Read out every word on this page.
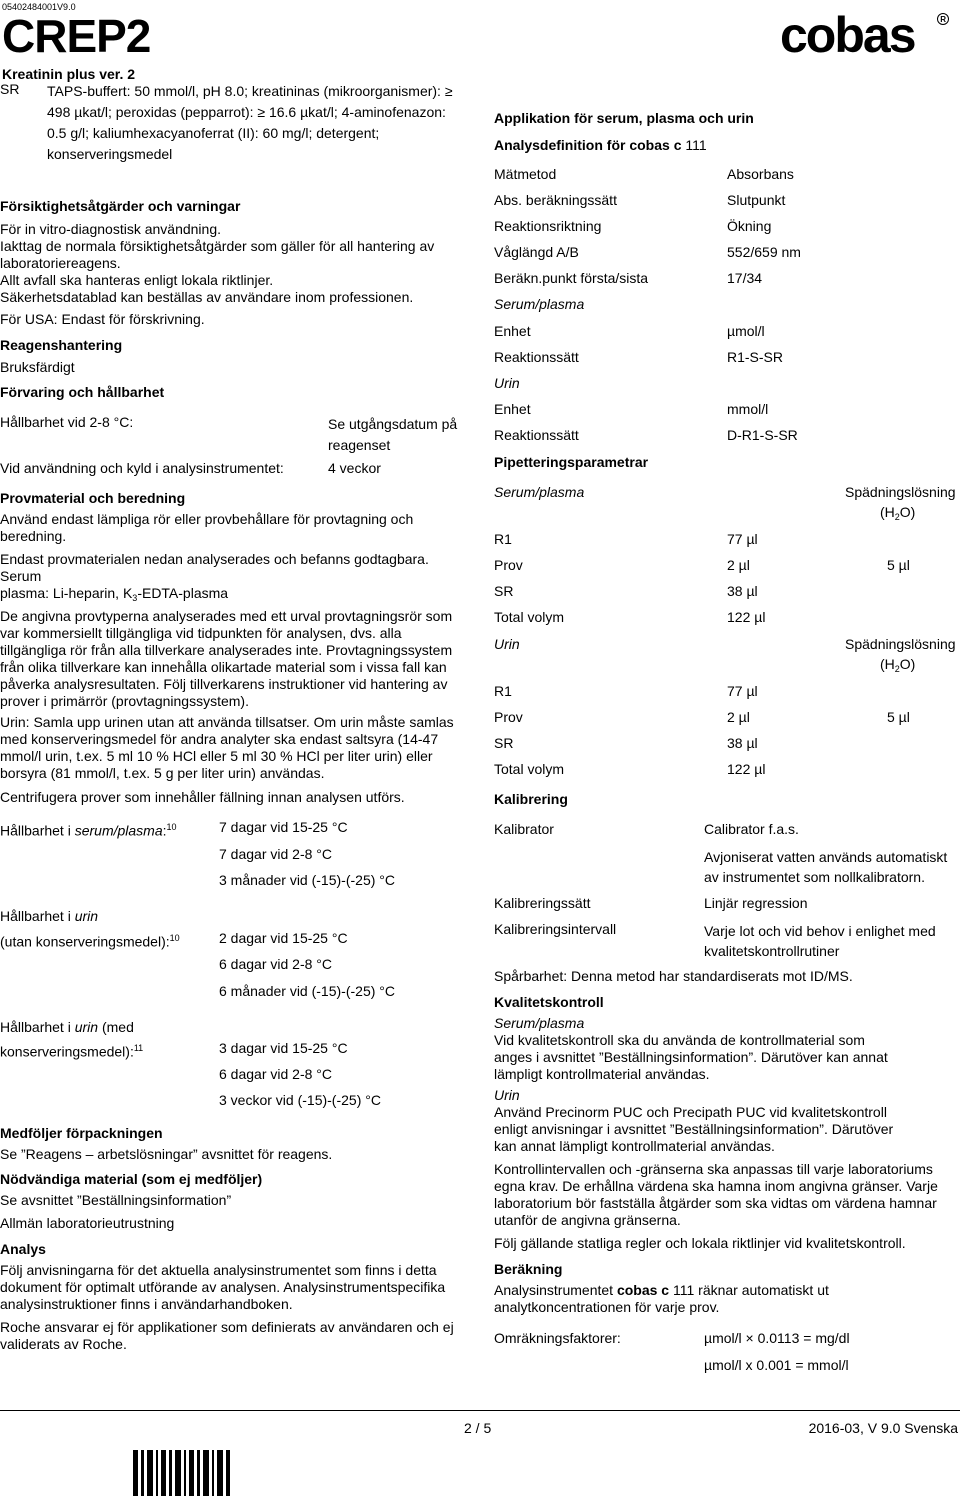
05402484001V9.0
CREP2
Kreatinin plus ver. 2
cobas	R
SR TAPS-buffert: 50 mmol/l, pH 8.0; kreatininas (mikroorganismer): ≥ 498 µkat/l; peroxidas (pepparrot): ≥ 16.6 µkat/l; 4-aminofenazon: 0.5 g/l; kaliumhexacyanoferrat (II): 60 mg/l; detergent; konserveringsmedel
Försiktighetsåtgärder och varningar
För in vitro-diagnostisk användning.
Iakttag de normala försiktighetsåtgärder som gäller för all hantering av laboratoriereagens.
Allt avfall ska hanteras enligt lokala riktlinjer.
Säkerhetsdatablad kan beställas av användare inom professionen.
För USA: Endast för förskrivning.
Reagenshantering
Bruksfärdigt
Förvaring och hållbarhet
Hållbarhet vid 2‑8 °C:	Se utgångsdatum på reagenset
Vid användning och kyld i analysinstrumentet:	4 veckor
Provmaterial och beredning
Använd endast lämpliga rör eller provbehållare för provtagning och beredning.
Endast provmaterialen nedan analyserades och befanns godtagbara.
Serum
plasma: Li-heparin, $K_3-EDTA$-plasma
De angivna provtyperna analyserades med ett urval provtagningsrör som var kommersiellt tillgängliga vid tidpunkten för analysen, dvs. alla tillgängliga rör från alla tillverkare analyserades inte. Provtagningssystem från olika tillverkare kan innehålla olikartade material som i vissa fall kan påverka analysresultaten. Följ tillverkarens instruktioner vid hantering av prover i primärrör (provtagningssystem).
Urin: Samla upp urinen utan att använda tillsatser. Om urin måste samlas med konserveringsmedel för andra analyter ska endast saltsyra (14‑47 mmol/l urin, t.ex. 5 ml 10 % HCl eller 5 ml 30 % HCl per liter urin) eller borsyra (81 mmol/l, t.ex. 5 g per liter urin) användas.
Centrifugera prover som innehåller fällning innan analysen utförs.
Hållbarhet i serum/plasma:$^{10}$	7 dagar vid 15‑25 °C
7 dagar vid 2‑8 °C
3 månader vid (‑15)‑(‑25) °C
Hållbarhet i urin
(utan konserveringsmedel):$^{10}$	2 dagar vid 15‑25 °C
6 dagar vid 2‑8 °C
6 månader vid (‑15)‑(‑25) °C
Hållbarhet i urin (med
konserveringsmedel):$^{11}$	3 dagar vid 15‑25 °C
6 dagar vid 2‑8 °C
3 veckor vid (‑15)‑(‑25) °C
Medföljer förpackningen
Se ”Reagens – arbetslösningar” avsnittet för reagens.
Nödvändiga material (som ej medföljer)
Se avsnittet ”Beställningsinformation”
Allmän laboratorieutrustning
Analys
Följ anvisningarna för det aktuella analysinstrumentet som finns i detta dokument för optimalt utförande av analysen. Analysinstrumentspecifika analysinstruktioner finns i användarhandboken.
Roche ansvarar ej för applikationer som definierats av användaren och ej validerats av Roche.
Applikation för serum, plasma och urin
Analysdefinition för cobas c 111
Mätmetod	Absorbans
Abs. beräkningssätt	Slutpunkt
Reaktionsriktning	Ökning
Våglängd A/B	552/659 nm
Beräkn.punkt första/sista	17/34
Serum/plasma
Enhet	µmol/l
Reaktionssätt	R1‑S‑SR
Urin
Enhet	mmol/l
Reaktionssätt	D‑R1‑S‑SR
Pipetteringsparametrar
Serum/plasma	Spädningslösning
$(H_2O)$
R1	77 µl
Prov	2 µl	5 µl
SR	38 µl
Total volym	122 µl
Urin	Spädningslösning
$(H_2O)$
R1	77 µl
Prov	2 µl	5 µl
SR	38 µl
Total volym	122 µl
Kalibrering
Kalibrator	Calibrator f.a.s.
Avjoniserat vatten används automatiskt av instrumentet som nollkalibratorn.
Kalibreringssätt	Linjär regression
Kalibreringsintervall	Varje lot och vid behov i enlighet med kvalitetskontrollrutiner
Spårbarhet: Denna metod har standardiserats mot ID/MS.
Kvalitetskontroll
Serum/plasma
Vid kvalitetskontroll ska du använda de kontrollmaterial som anges i avsnittet ”Beställningsinformation”. Därutöver kan annat lämpligt kontrollmaterial användas.
Urin
Använd Precinorm PUC och Precipath PUC vid kvalitetskontroll enligt anvisningar i avsnittet ”Beställningsinformation”. Därutöver kan annat lämpligt kontrollmaterial användas.
Kontrollintervallen och ‑gränserna ska anpassas till varje laboratoriums egna krav. De erhållna värdena ska hamna inom angivna gränser. Varje laboratorium bör fastställa åtgärder som ska vidtas om värdena hamnar utanför de angivna gränserna.
Följ gällande statliga regler och lokala riktlinjer vid kvalitetskontroll.
Beräkning
Analysinstrumentet cobas c 111 räknar automatiskt ut analytkoncentrationen för varje prov.
Omräkningsfaktorer:	µmol/l × 0.0113 = mg/dl
µmol/l x 0.001 = mmol/l
2 / 5	2016-03, V 9.0 Svenska
